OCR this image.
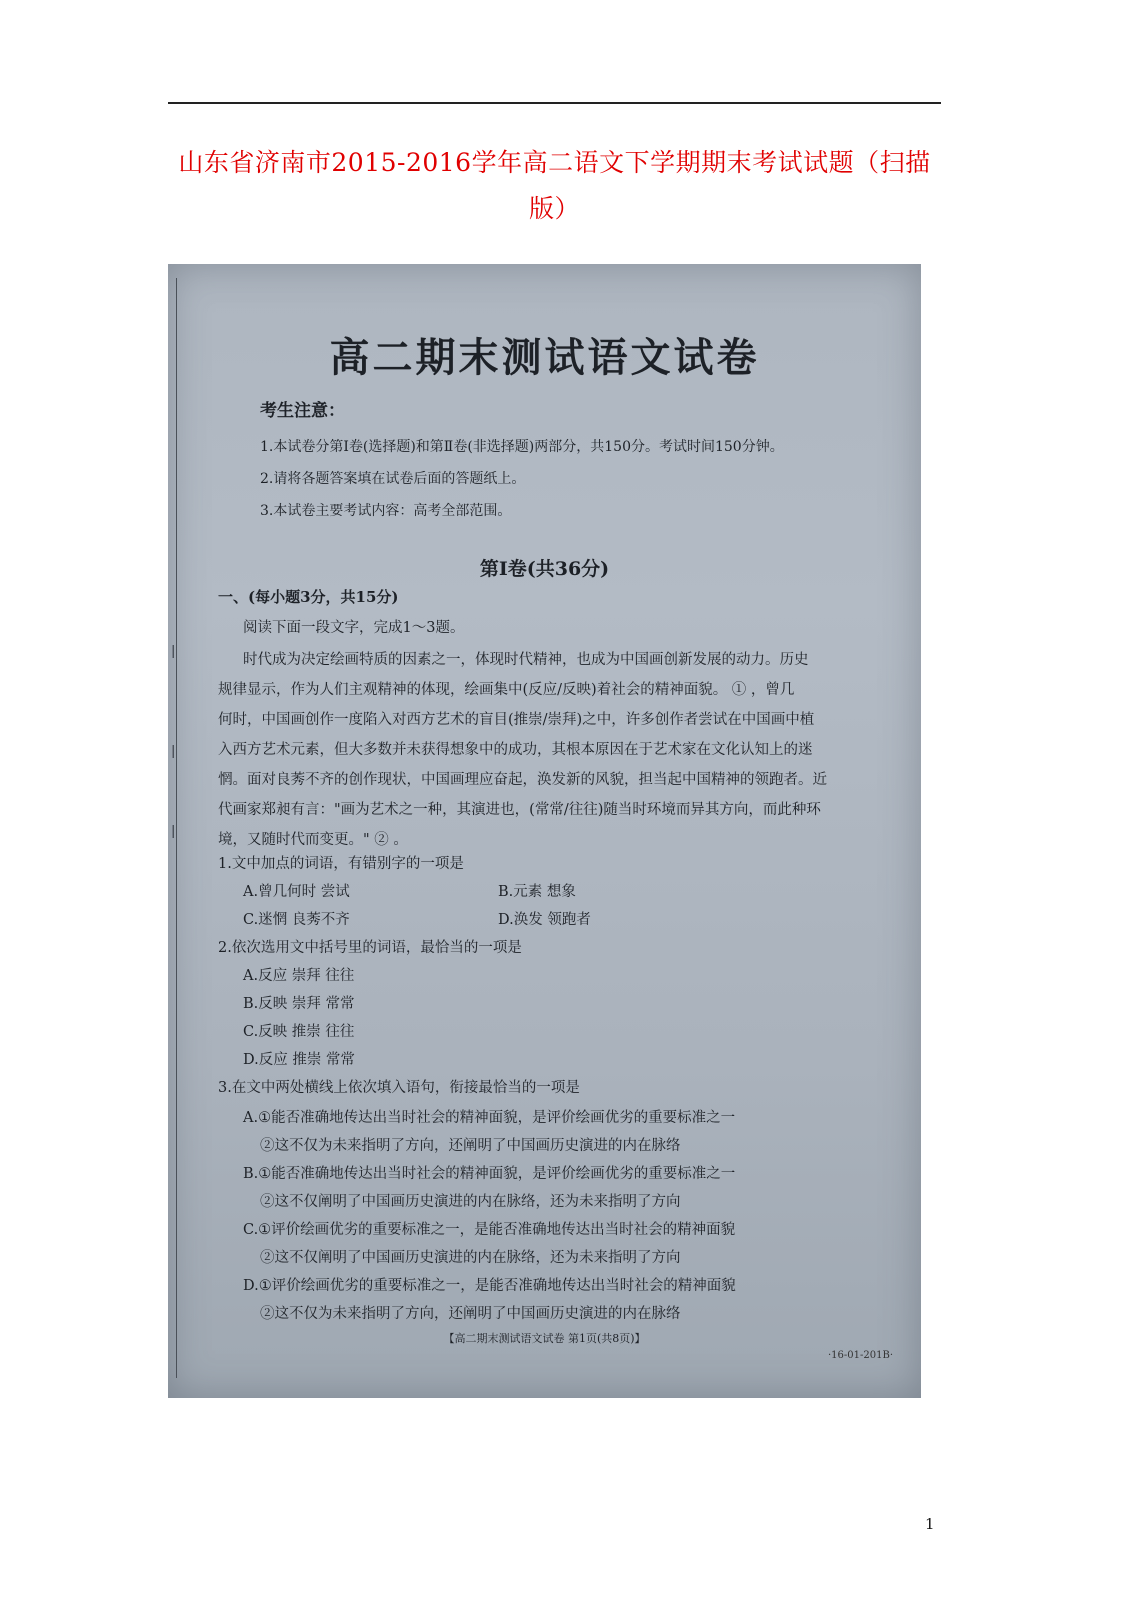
山东省济南市2015-2016学年高二语文下学期期末考试试题（扫描版）
|
|
|
高二期末测试语文试卷
考生注意：
1.本试卷分第Ⅰ卷(选择题)和第Ⅱ卷(非选择题)两部分，共150分。考试时间150分钟。
2.请将各题答案填在试卷后面的答题纸上。
3.本试卷主要考试内容：高考全部范围。
第Ⅰ卷(共36分)
一、(每小题3分，共15分)
阅读下面一段文字，完成1～3题。
时代成为决定绘画特质的因素之一，体现时代精神，也成为中国画创新发展的动力。历史
规律显示，作为人们主观精神的体现，绘画集中(反应/反映)着社会的精神面貌。 ① ，曾几
何时，中国画创作一度陷入对西方艺术的盲目(推崇/崇拜)之中，许多创作者尝试在中国画中植
入西方艺术元素，但大多数并未获得想象中的成功，其根本原因在于艺术家在文化认知上的迷
惘。面对良莠不齐的创作现状，中国画理应奋起，涣发新的风貌，担当起中国精神的领跑者。近
代画家郑昶有言："画为艺术之一种，其演进也，(常常/往往)随当时环境而异其方向，而此种环
境，又随时代而变更。" ② 。
1.文中加点的词语，有错别字的一项是
A.曾几何时 尝试	B.元素 想象
C.迷惘 良莠不齐	D.涣发 领跑者
2.依次选用文中括号里的词语，最恰当的一项是
A.反应 崇拜 往往
B.反映 崇拜 常常
C.反映 推崇 往往
D.反应 推崇 常常
3.在文中两处横线上依次填入语句，衔接最恰当的一项是
A.①能否准确地传达出当时社会的精神面貌，是评价绘画优劣的重要标准之一
②这不仅为未来指明了方向，还阐明了中国画历史演进的内在脉络
B.①能否准确地传达出当时社会的精神面貌，是评价绘画优劣的重要标准之一
②这不仅阐明了中国画历史演进的内在脉络，还为未来指明了方向
C.①评价绘画优劣的重要标准之一，是能否准确地传达出当时社会的精神面貌
②这不仅阐明了中国画历史演进的内在脉络，还为未来指明了方向
D.①评价绘画优劣的重要标准之一，是能否准确地传达出当时社会的精神面貌
②这不仅为未来指明了方向，还阐明了中国画历史演进的内在脉络
【高二期末测试语文试卷 第1页(共8页)】
·16-01-201B·
1
